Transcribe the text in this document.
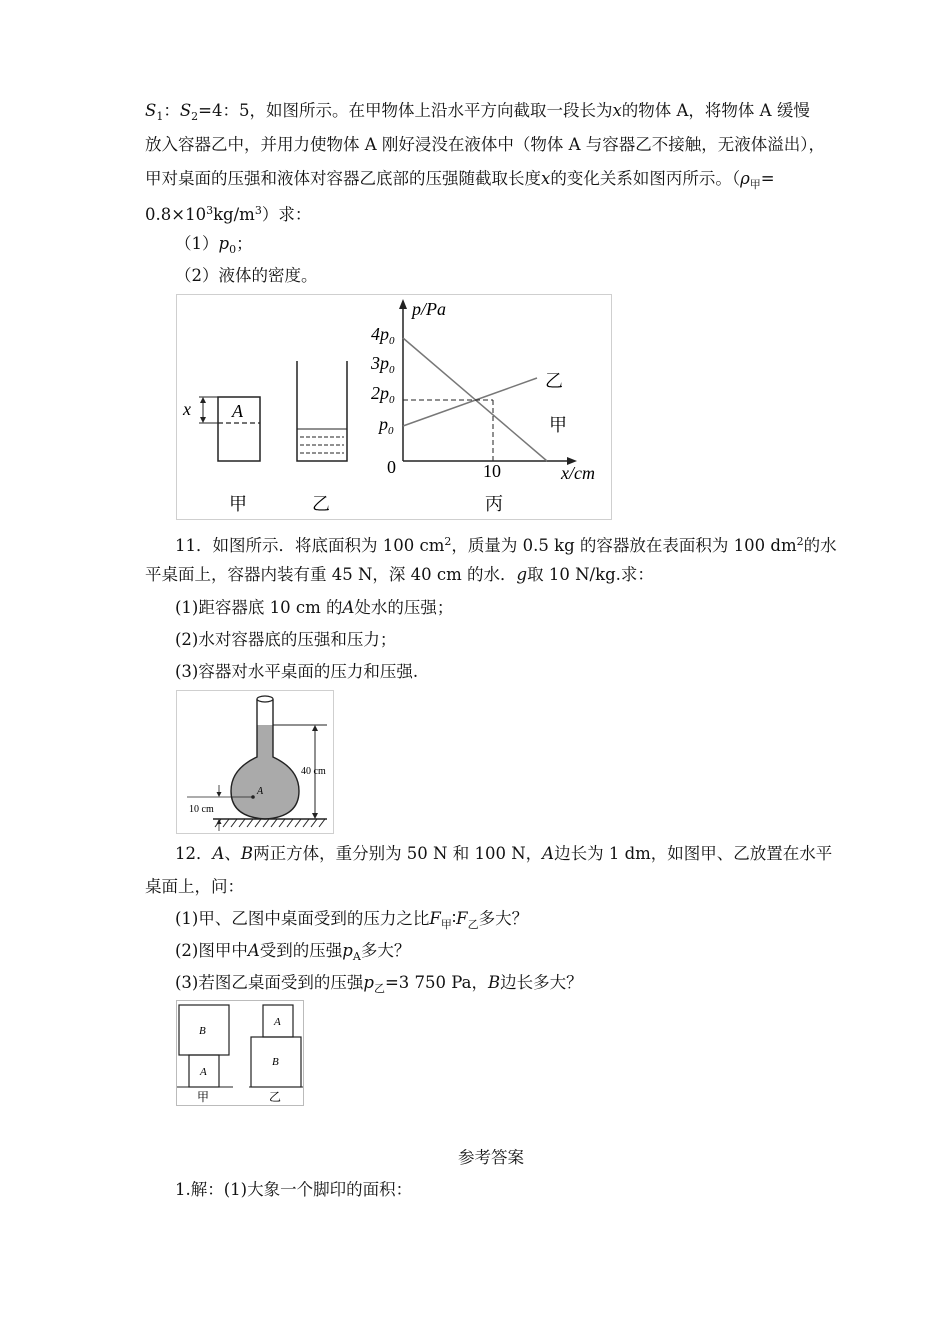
$S_1$：$S_2=4$：5，如图所示。在甲物体上沿水平方向截取一段长为x的物体 A，将物体 A 缓慢
放入容器乙中，并用力使物体 A 刚好浸没在液体中（物体 A 与容器乙不接触，无液体溢出），
甲对桌面的压强和液体对容器乙底部的压强随截取长度x的变化关系如图丙所示。（$\rho_甲=$
$0.8\times 10^3kg/m^3$）求：
$(1)p_0$；
（2）液体的密度。
x A
甲	乙
p/Pa
x/cm
$4p_0$
$3p_0$
$2p_0$
$p_0$
0	10
乙
甲
丙
11．如图所示．将底面积为 100 $cm^2$，质量为 0.5 kg 的容器放在表面积为 100 $dm^2$的水
平桌面上，容器内装有重 45 N，深 40 cm 的水．g取 10 N/kg.求：
(1)距容器底 10 cm 的A处水的压强；
(2)水对容器底的压强和压力；
(3)容器对水平桌面的压力和压强.
40 cm
A
10 cm
12．A、B两正方体，重分别为 50 N 和 100 N，A边长为 1 dm，如图甲、乙放置在水平
桌面上，问：
(1)甲、乙图中桌面受到的压力之比$F_甲∶F_乙$多大？
(2)图甲中A受到的压强$p_A$多大？
(3)若图乙桌面受到的压强$p_乙=3$ 750 Pa，B边长多大？
B
A
A
B
甲	乙
参考答案
1.解：(1)大象一个脚印的面积：
